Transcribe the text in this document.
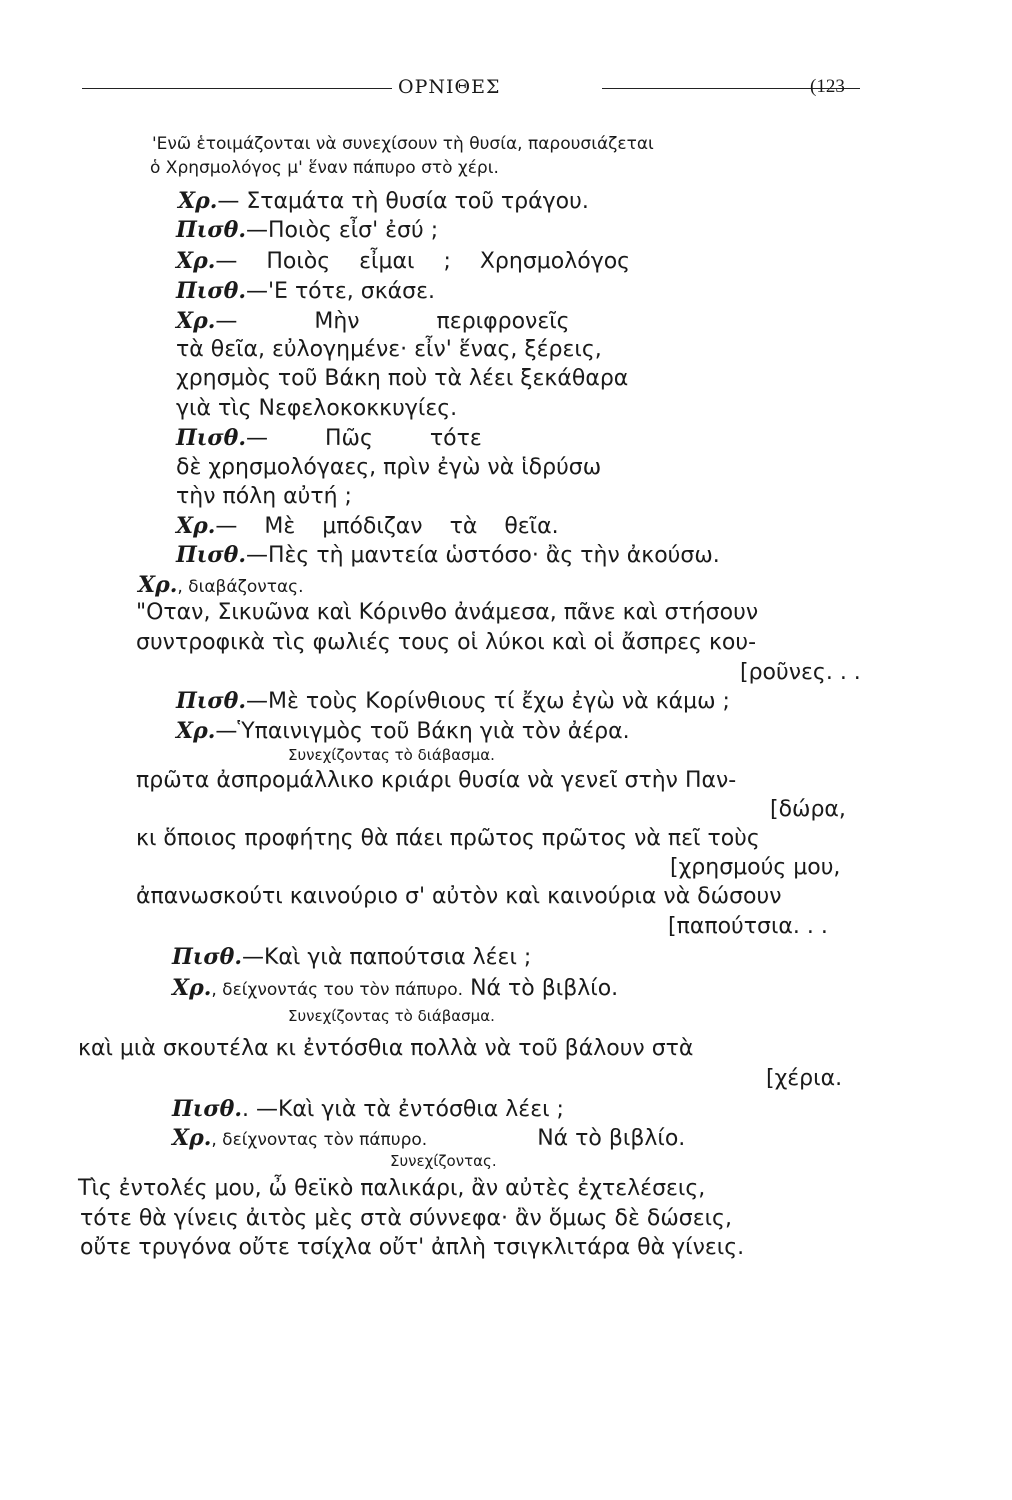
ΟΡΝΙΘΕΣ	(123
'Ενῶ ἑτοιμάζονται νὰ συνεχίσουν τὴ θυσία, παρουσιάζεται
ὁ Χρησμολόγος μ' ἕναν πάπυρο στὸ χέρι.
Χρ.— Σταμάτα τὴ θυσία τοῦ τράγου.
Πισθ.—Ποιὸς εἶσ' ἐσύ ;
Χρ.— Ποιὸς εἶμαι ; Χρησμολόγος
Πισθ.—'Ε τότε, σκάσε.
Χρ.— Μὴν περιφρονεῖς
τὰ θεῖα, εὐλογημένε· εἶν' ἕνας, ξέρεις,
χρησμὸς τοῦ Βάκη ποὺ τὰ λέει ξεκάθαρα
γιὰ τὶς Νεφελοκοκκυγίες.
Πισθ.— Πῶς τότε
δὲ χρησμολόγαες, πρὶν ἐγὼ νὰ ἱδρύσω
τὴν πόλη αὐτή ;
Χρ.— Μὲ μπόδιζαν τὰ θεῖα.
Πισθ.—Πὲς τὴ μαντεία ὡστόσο· ἂς τὴν ἀκούσω.
Χρ., διαβάζοντας.
"Οταν, Σικυῶνα καὶ Κόρινθο ἀνάμεσα, πᾶνε καὶ στήσουν
συντροφικὰ τὶς φωλιές τους οἱ λύκοι καὶ οἱ ἄσπρες κου-
[ροῦνες. . .
Πισθ.—Μὲ τοὺς Κορίνθιους τί ἔχω ἐγὼ νὰ κάμω ;
Χρ.—Ὑπαινιγμὸς τοῦ Βάκη γιὰ τὸν ἀέρα.
Συνεχίζοντας τὸ διάβασμα.
πρῶτα ἀσπρομάλλικο κριάρι θυσία νὰ γενεῖ στὴν Παν-
[δώρα,
κι ὅποιος προφήτης θὰ πάει πρῶτος πρῶτος νὰ πεῖ τοὺς
[χρησμούς μου,
ἀπανωσκούτι καινούριο σ' αὐτὸν καὶ καινούρια νὰ δώσουν
[παπούτσια. . .
Πισθ.—Καὶ γιὰ παπούτσια λέει ;
Χρ., δείχνοντάς του τὸν πάπυρο. Νά τὸ βιβλίο.
Συνεχίζοντας τὸ διάβασμα.
καὶ μιὰ σκουτέλα κι ἐντόσθια πολλὰ νὰ τοῦ βάλουν στὰ
[χέρια.
Πισθ.. —Καὶ γιὰ τὰ ἐντόσθια λέει ;
Χρ., δείχνοντας τὸν πάπυρο.	Νά τὸ βιβλίο.
Συνεχίζοντας.
Τὶς ἐντολές μου, ὦ θεϊκὸ παλικάρι, ἂν αὐτὲς ἐχτελέσεις,
τότε θὰ γίνεις ἀιτὸς μὲς στὰ σύννεφα· ἂν ὅμως δὲ δώσεις,
οὔτε τρυγόνα οὔτε τσίχλα οὔτ' ἀπλὴ τσιγκλιτάρα θὰ γίνεις.
